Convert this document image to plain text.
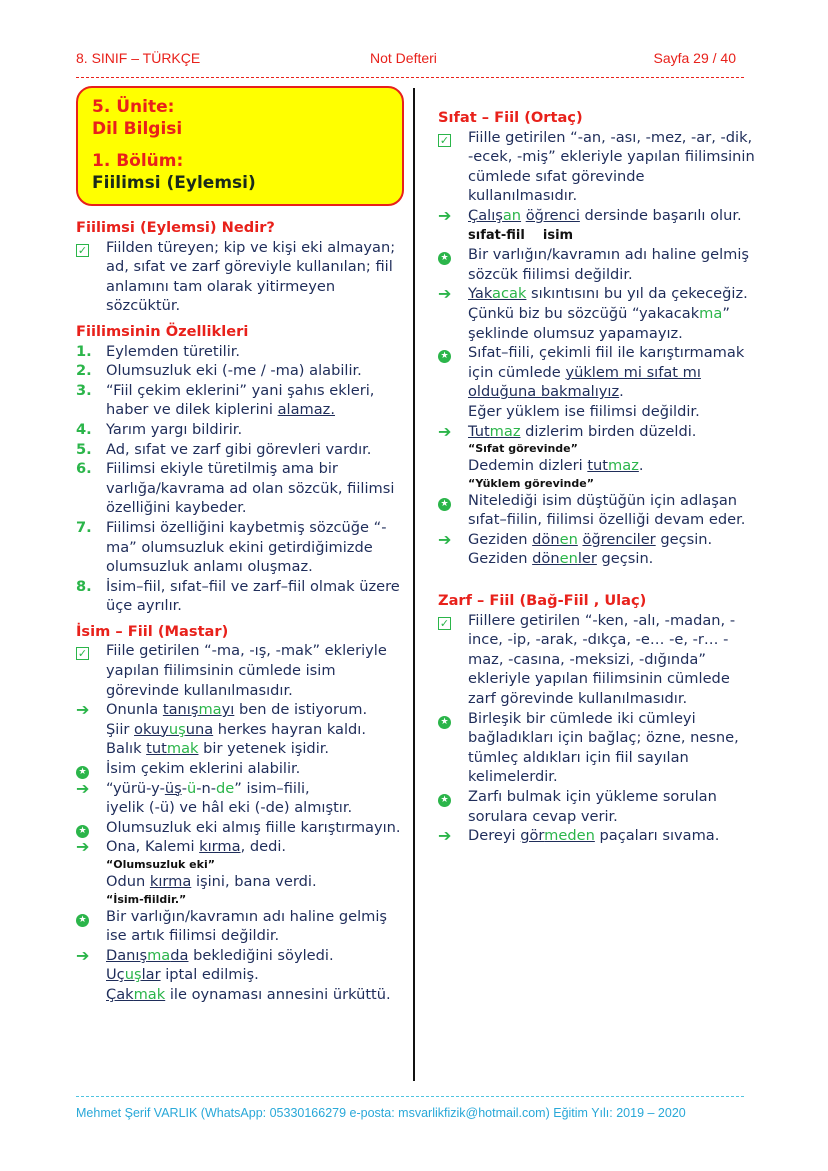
8. SINIF – TÜRKÇE	Not Defteri	Sayfa 29 / 40
5. Ünite:
Dil Bilgisi
1. Bölüm:
Fiilimsi (Eylemsi)
Fiilimsi (Eylemsi) Nedir?
✓	Fiilden türeyen; kip ve kişi eki almayan; ad, sıfat ve zarf göreviyle kullanılan; fiil anlamını tam olarak yitirmeyen sözcüktür.
Fiilimsinin Özellikleri
1. Eylemden türetilir.
2. Olumsuzluk eki (-me / -ma) alabilir.
3. “Fiil çekim eklerini” yani şahıs ekleri, haber ve dilek kiplerini alamaz.
4. Yarım yargı bildirir.
5. Ad, sıfat ve zarf gibi görevleri vardır.
6. Fiilimsi ekiyle türetilmiş ama bir varlığa/kavrama ad olan sözcük, fiilimsi özelliğini kaybeder.
7. Fiilimsi özelliğini kaybetmiş sözcüğe “-ma” olumsuzluk ekini getirdiğimizde olumsuzluk anlamı oluşmaz.
8. İsim–fiil, sıfat–fiil ve zarf–fiil olmak üzere üçe ayrılır.
İsim – Fiil (Mastar)
✓	Fiile getirilen “-ma, -ış, -mak” ekleriyle yapılan fiilimsinin cümlede isim görevinde kullanılmasıdır.
➔	Onunla tanışmayı ben de istiyorum.
Şiir okuyuşuna herkes hayran kaldı.
Balık tutmak bir yetenek işidir.
★	İsim çekim eklerini alabilir.
➔	“yürü-y-üş-ü-n-de” isim–fiili,
iyelik (-ü) ve hâl eki (-de) almıştır.
★	Olumsuzluk eki almış fiille karıştırmayın.
➔	Ona, Kalemi kırma, dedi.
“Olumsuzluk eki”
Odun kırma işini, bana verdi.
“İsim-fiildir.”
★	Bir varlığın/kavramın adı haline gelmiş ise artık fiilimsi değildir.
➔	Danışmada beklediğini söyledi.
Uçuşlar iptal edilmiş.
Çakmak ile oynaması annesini ürküttü.
Sıfat – Fiil (Ortaç)
✓	Fiille getirilen “-an, -ası, -mez, -ar, -dik, -ecek, -miş” ekleriyle yapılan fiilimsinin cümlede sıfat görevinde kullanılmasıdır.
➔	Çalışan öğrenci dersinde başarılı olur.
sıfat-fiil isim
★	Bir varlığın/kavramın adı haline gelmiş sözcük fiilimsi değildir.
➔	Yakacak sıkıntısını bu yıl da çekeceğiz.
Çünkü biz bu sözcüğü “yakacakma”
şeklinde olumsuz yapamayız.
★	Sıfat–fiili, çekimli fiil ile karıştırmamak için cümlede yüklem mi sıfat mı olduğuna bakmalıyız.
Eğer yüklem ise fiilimsi değildir.
➔	Tutmaz dizlerim birden düzeldi.
“Sıfat görevinde”
Dedemin dizleri tutmaz.
“Yüklem görevinde”
★	Nitelediği isim düştüğün için adlaşan sıfat–fiilin, fiilimsi özelliği devam eder.
➔	Geziden dönen öğrenciler geçsin.
Geziden dönenler geçsin.
Zarf – Fiil (Bağ-Fiil , Ulaç)
✓	Fiillere getirilen “-ken, -alı, -madan, -ince, -ip, -arak, -dıkça, -e… -e, -r… -maz, -casına, -meksizi, -dığında” ekleriyle yapılan fiilimsinin cümlede zarf görevinde kullanılmasıdır.
★	Birleşik bir cümlede iki cümleyi bağladıkları için bağlaç; özne, nesne, tümleç aldıkları için fiil sayılan kelimelerdir.
★	Zarfı bulmak için yükleme sorulan sorulara cevap verir.
➔	Dereyi görmeden paçaları sıvama.
Mehmet Şerif VARLIK (WhatsApp: 05330166279 e-posta: msvarlikfizik@hotmail.com) Eğitim Yılı: 2019 – 2020
